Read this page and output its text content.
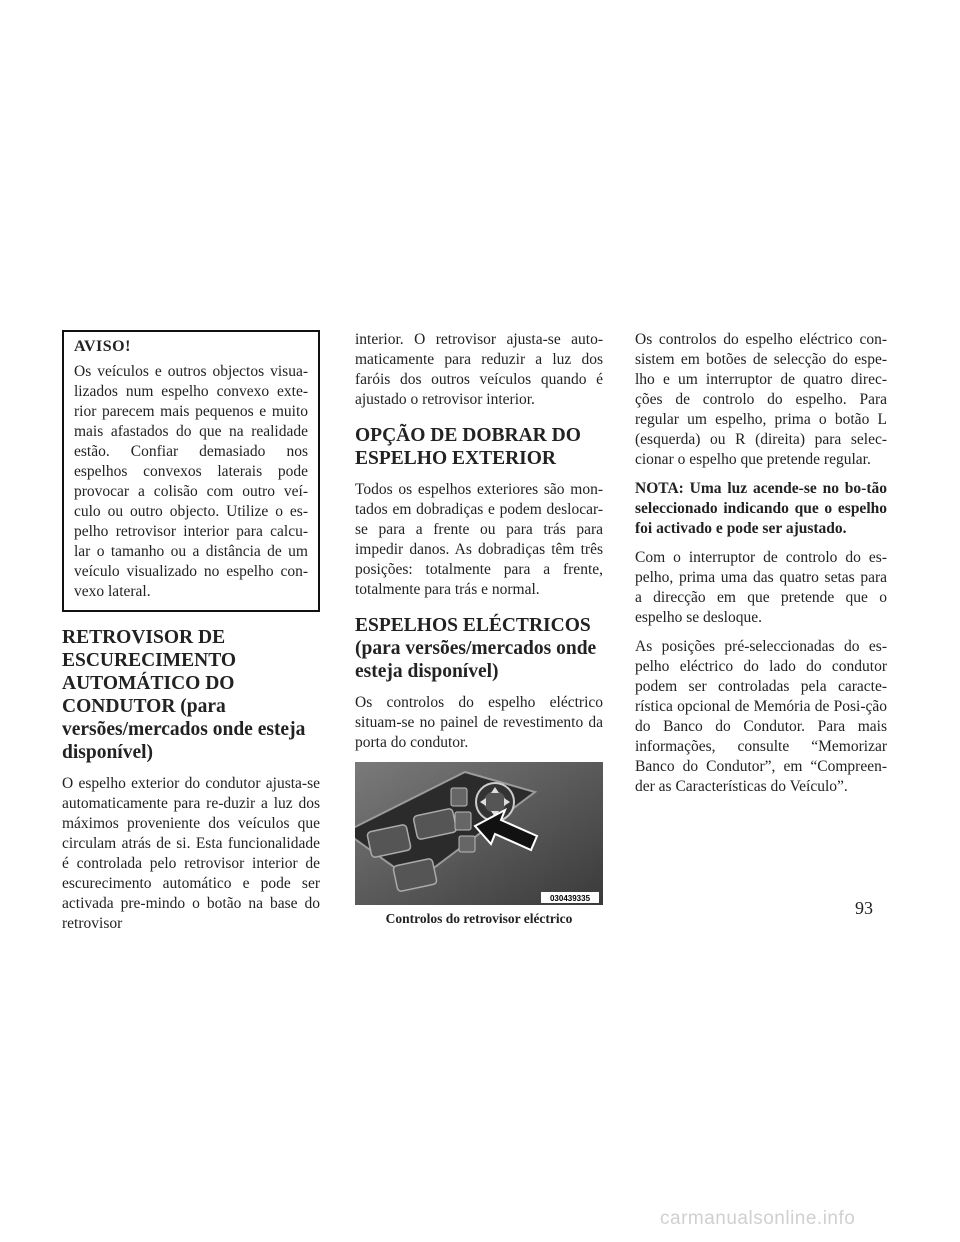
AVISO!

Os veículos e outros objectos visua-lizados num espelho convexo exte-rior parecem mais pequenos e muito mais afastados do que na realidade estão. Confiar demasiado nos espelhos convexos laterais pode provocar a colisão com outro veí-culo ou outro objecto. Utilize o es-pelho retrovisor interior para calcu-lar o tamanho ou a distância de um veículo visualizado no espelho con-vexo lateral.

RETROVISOR DE ESCURECIMENTO AUTOMÁTICO DO CONDUTOR (para versões/mercados onde esteja disponível)

O espelho exterior do condutor ajusta-se automaticamente para re-duzir a luz dos máximos proveniente dos veículos que circulam atrás de si. Esta funcionalidade é controlada pelo retrovisor interior de escurecimento automático e pode ser activada pre-mindo o botão na base do retrovisor

interior. O retrovisor ajusta-se auto-maticamente para reduzir a luz dos faróis dos outros veículos quando é ajustado o retrovisor interior.

OPÇÃO DE DOBRAR DO ESPELHO EXTERIOR

Todos os espelhos exteriores são mon-tados em dobradiças e podem deslocar-se para a frente ou para trás para impedir danos. As dobradiças têm três posições: totalmente para a frente, totalmente para trás e normal.

ESPELHOS ELÉCTRICOS (para versões/mercados onde esteja disponível)

Os controlos do espelho eléctrico situam-se no painel de revestimento da porta do condutor.

030439335
Controlos do retrovisor eléctrico

Os controlos do espelho eléctrico con-sistem em botões de selecção do espe-lho e um interruptor de quatro direc-ções de controlo do espelho. Para regular um espelho, prima o botão L (esquerda) ou R (direita) para selec-cionar o espelho que pretende regular.

NOTA: Uma luz acende-se no bo-tão seleccionado indicando que o espelho foi activado e pode ser ajustado.

Com o interruptor de controlo do es-pelho, prima uma das quatro setas para a direcção em que pretende que o espelho se desloque.

As posições pré-seleccionadas do es-pelho eléctrico do lado do condutor podem ser controladas pela caracte-rística opcional de Memória de Posi-ção do Banco do Condutor. Para mais informações, consulte “Memorizar Banco do Condutor”, em “Compreen-der as Características do Veículo”.

93
carmanualsonline.info
